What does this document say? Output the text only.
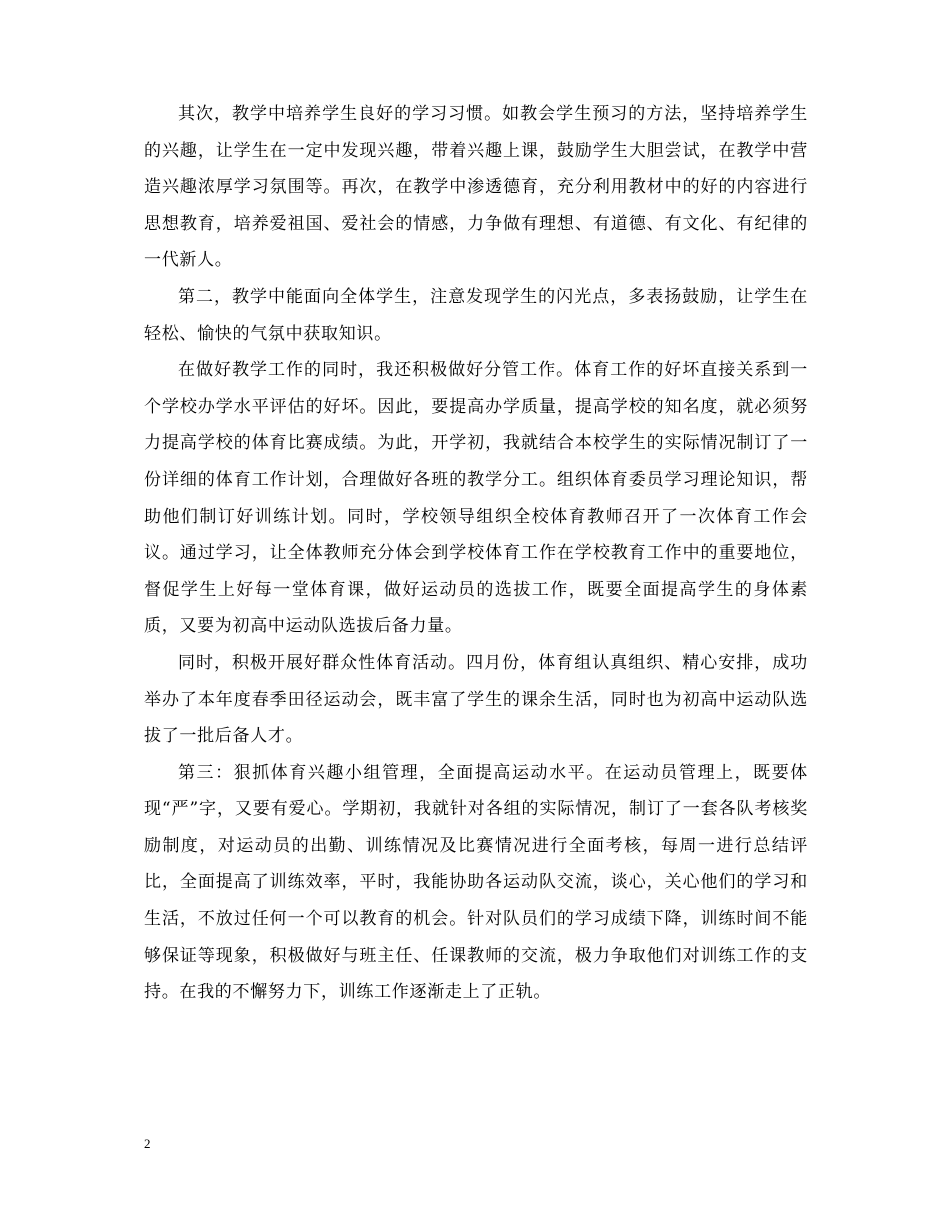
其次，教学中培养学生良好的学习习惯。如教会学生预习的方法，坚持培养学生的兴趣，让学生在一定中发现兴趣，带着兴趣上课，鼓励学生大胆尝试，在教学中营造兴趣浓厚学习氛围等。再次，在教学中渗透德育，充分利用教材中的好的内容进行思想教育，培养爱祖国、爱社会的情感，力争做有理想、有道德、有文化、有纪律的一代新人。

第二，教学中能面向全体学生，注意发现学生的闪光点，多表扬鼓励，让学生在轻松、愉快的气氛中获取知识。

在做好教学工作的同时，我还积极做好分管工作。体育工作的好坏直接关系到一个学校办学水平评估的好坏。因此，要提高办学质量，提高学校的知名度，就必须努力提高学校的体育比赛成绩。为此，开学初，我就结合本校学生的实际情况制订了一份详细的体育工作计划，合理做好各班的教学分工。组织体育委员学习理论知识，帮助他们制订好训练计划。同时，学校领导组织全校体育教师召开了一次体育工作会议。通过学习，让全体教师充分体会到学校体育工作在学校教育工作中的重要地位，督促学生上好每一堂体育课，做好运动员的选拔工作，既要全面提高学生的身体素质，又要为初高中运动队选拔后备力量。

同时，积极开展好群众性体育活动。四月份，体育组认真组织、精心安排，成功举办了本年度春季田径运动会，既丰富了学生的课余生活，同时也为初高中运动队选拔了一批后备人才。

第三：狠抓体育兴趣小组管理，全面提高运动水平。在运动员管理上，既要体现“严”字，又要有爱心。学期初，我就针对各组的实际情况，制订了一套各队考核奖励制度，对运动员的出勤、训练情况及比赛情况进行全面考核，每周一进行总结评比，全面提高了训练效率，平时，我能协助各运动队交流，谈心，关心他们的学习和生活，不放过任何一个可以教育的机会。针对队员们的学习成绩下降，训练时间不能够保证等现象，积极做好与班主任、任课教师的交流，极力争取他们对训练工作的支持。在我的不懈努力下，训练工作逐渐走上了正轨。

2
